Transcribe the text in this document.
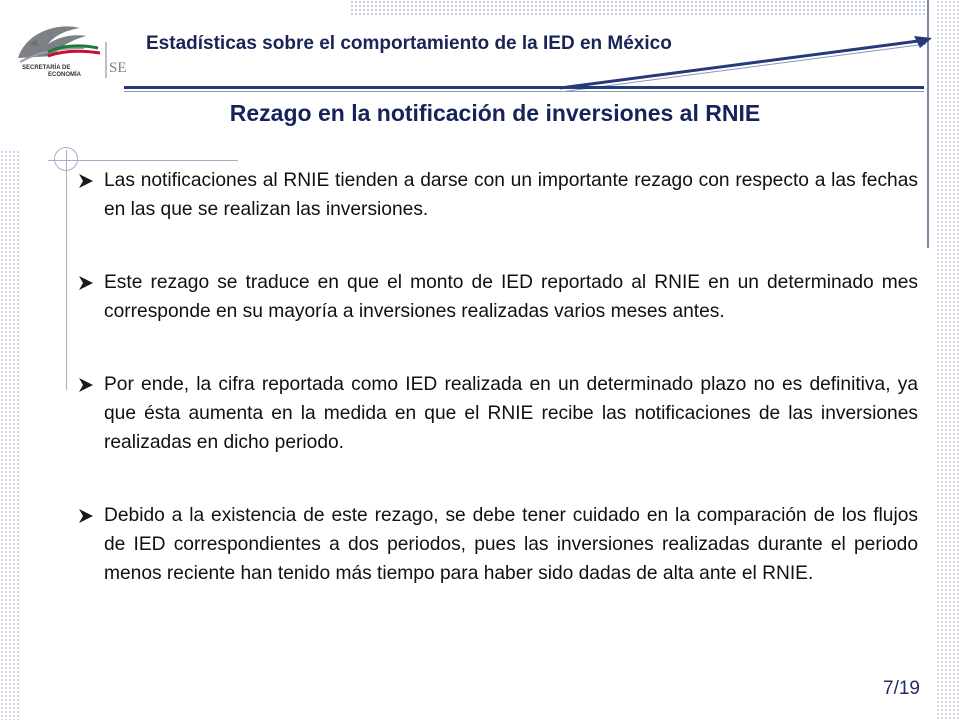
SECRETARÍA DE
ECONOMÍA SE
Estadísticas sobre el comportamiento de la IED en México
Rezago en la notificación de inversiones al RNIE
Las notificaciones al RNIE tienden a darse con un importante rezago con respecto a las fechas en las que se realizan las inversiones.
Este rezago se traduce en que el monto de IED reportado al RNIE en un determinado mes corresponde en su mayoría a inversiones realizadas varios meses antes.
Por ende, la cifra reportada como IED realizada en un determinado plazo no es definitiva, ya que ésta aumenta en la medida en que el RNIE recibe las notificaciones de las inversiones realizadas en dicho periodo.
Debido a la existencia de este rezago, se debe tener cuidado en la comparación de los flujos de IED correspondientes a dos periodos, pues las inversiones realizadas durante el periodo menos reciente han tenido más tiempo para haber sido dadas de alta ante el RNIE.
7/19
